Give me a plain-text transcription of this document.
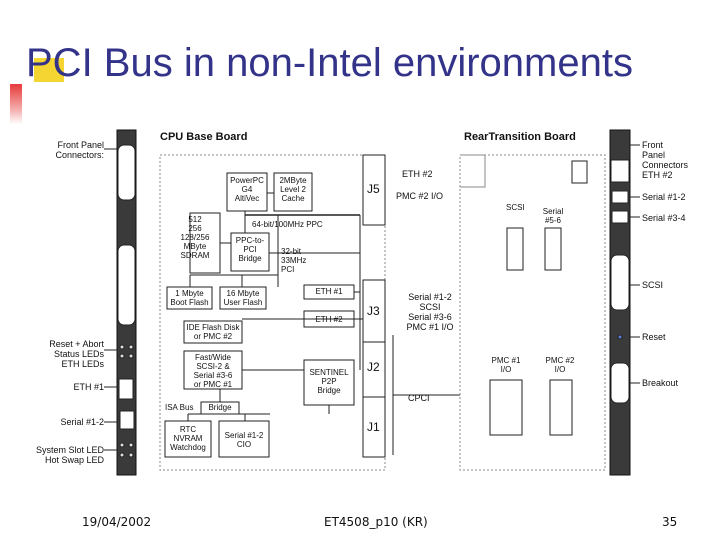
PCI Bus in non-Intel environments
Front Panel
Connectors:
Reset + Abort
Status LEDs
ETH LEDs
ETH #1
Serial #1-2
System Slot LED
Hot Swap LED
CPU Base Board	RearTransition Board
PowerPC
G4
AltiVec
2MByte
Level 2
Cache
512
256
128/256
MByte
SDRAM
64-bit/100MHz PPC
PPC-to-
PCI
Bridge
32-bit
33MHz
PCI
1 Mbyte
Boot Flash
16 Mbyte
User Flash
ETH #1
IDE Flash Disk
or PMC #2
ETH #2
Fast/Wide
SCSI-2 &
Serial #3-6
or PMC #1
SENTINEL
P2P
Bridge
ISA Bus	Bridge
RTC
NVRAM
Watchdog
Serial #1-2
CIO
J5
J3
J2
J1
ETH #2
PMC #2 I/O
SCSI	Serial
#5-6
Serial #1-2
SCSI
Serial #3-6
PMC #1 I/O
PMC #1
I/O
PMC #2
I/O
CPCI
Front Panel
Connectors
ETH #2
Serial #1-2
Serial #3-4
SCSI
Reset
Breakout
19/04/2002	ET4508_p10 (KR)	35
